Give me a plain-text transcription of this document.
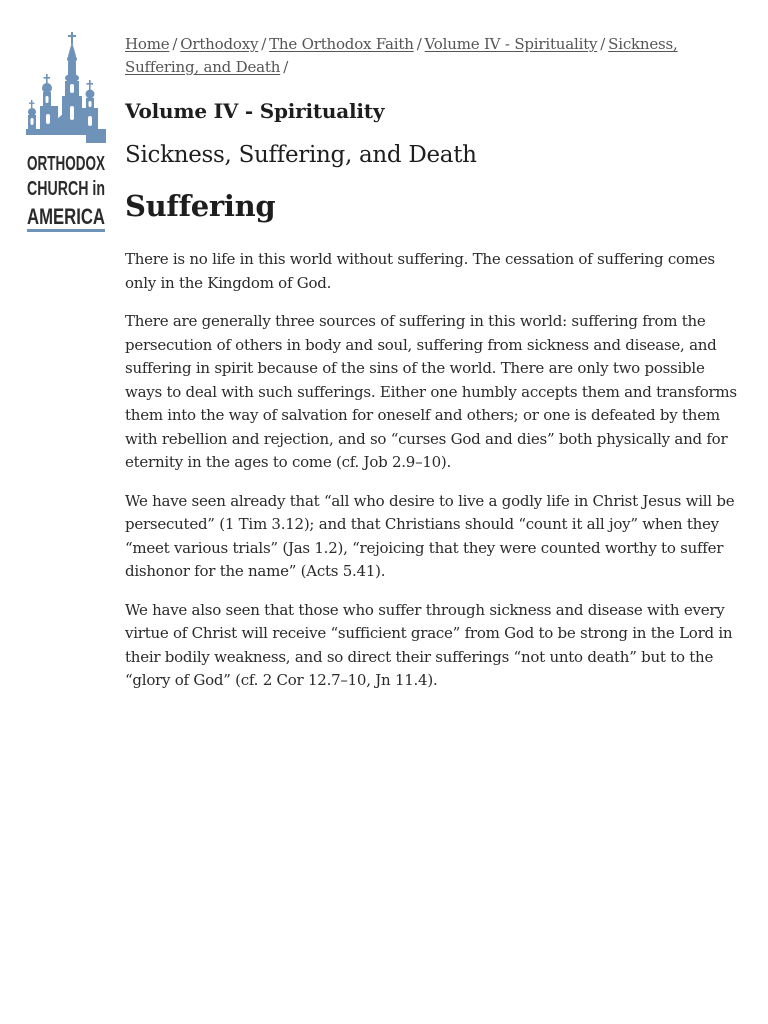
ORTHODOX
CHURCH in
AMERICA
Home / Orthodoxy / The Orthodox Faith / Volume IV - Spirituality / Sickness, Suffering, and Death /
Volume IV - Spirituality
Sickness, Suffering, and Death
Suffering

There is no life in this world without suffering. The cessation of suffering comes only in the Kingdom of God.

There are generally three sources of suffering in this world: suffering from the persecution of others in body and soul, suffering from sickness and disease, and suffering in spirit because of the sins of the world. There are only two possible ways to deal with such sufferings. Either one humbly accepts them and transforms them into the way of salvation for oneself and others; or one is defeated by them with rebellion and rejection, and so “curses God and dies” both physically and for eternity in the ages to come (cf. Job 2.9–10).

We have seen already that “all who desire to live a godly life in Christ Jesus will be persecuted” (1 Tim 3.12); and that Christians should “count it all joy” when they “meet various trials” (Jas 1.2), “rejoicing that they were counted worthy to suffer dishonor for the name” (Acts 5.41).

We have also seen that those who suffer through sickness and disease with every virtue of Christ will receive “sufficient grace” from God to be strong in the Lord in their bodily weakness, and so direct their sufferings “not unto death” but to the “glory of God” (cf. 2 Cor 12.7–10, Jn 11.4).
